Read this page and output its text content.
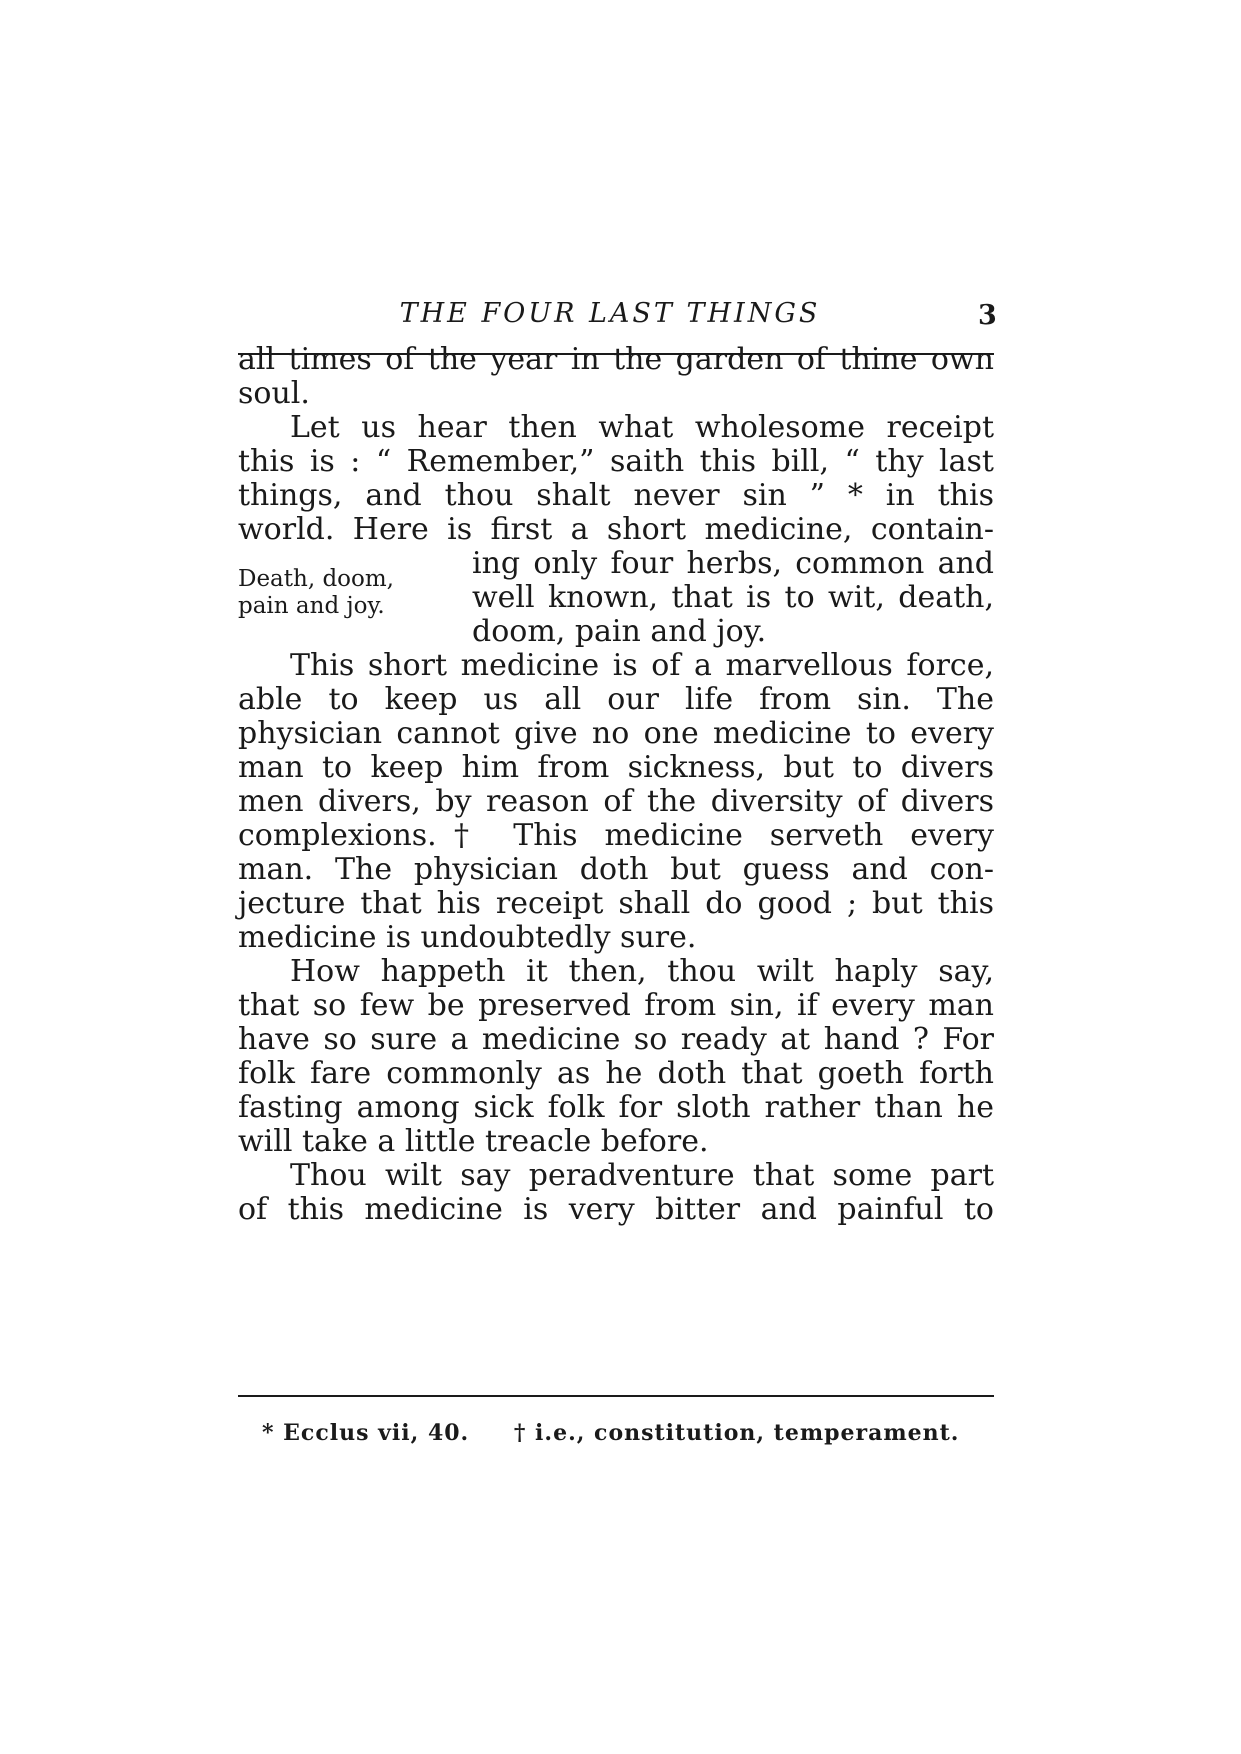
THE FOUR LAST THINGS	3
all times of the year in the garden of thine own
soul.
Let us hear then what wholesome receipt
this is : “ Remember,” saith this bill, “ thy last
things, and thou shalt never sin ” * in this
world. Here is first a short medicine, contain-
ing only four herbs, common and
well known, that is to wit, death,
doom, pain and joy.
Death, doom,
pain and joy.
This short medicine is of a marvellous force,
able to keep us all our life from sin. The
physician cannot give no one medicine to every
man to keep him from sickness, but to divers
men divers, by reason of the diversity of divers
complexions.† This medicine serveth every
man. The physician doth but guess and con-
jecture that his receipt shall do good ; but this
medicine is undoubtedly sure.
How happeth it then, thou wilt haply say,
that so few be preserved from sin, if every man
have so sure a medicine so ready at hand ? For
folk fare commonly as he doth that goeth forth
fasting among sick folk for sloth rather than he
will take a little treacle before.
Thou wilt say peradventure that some part
of this medicine is very bitter and painful to
* Ecclus vii, 40. † i.e., constitution, temperament.
